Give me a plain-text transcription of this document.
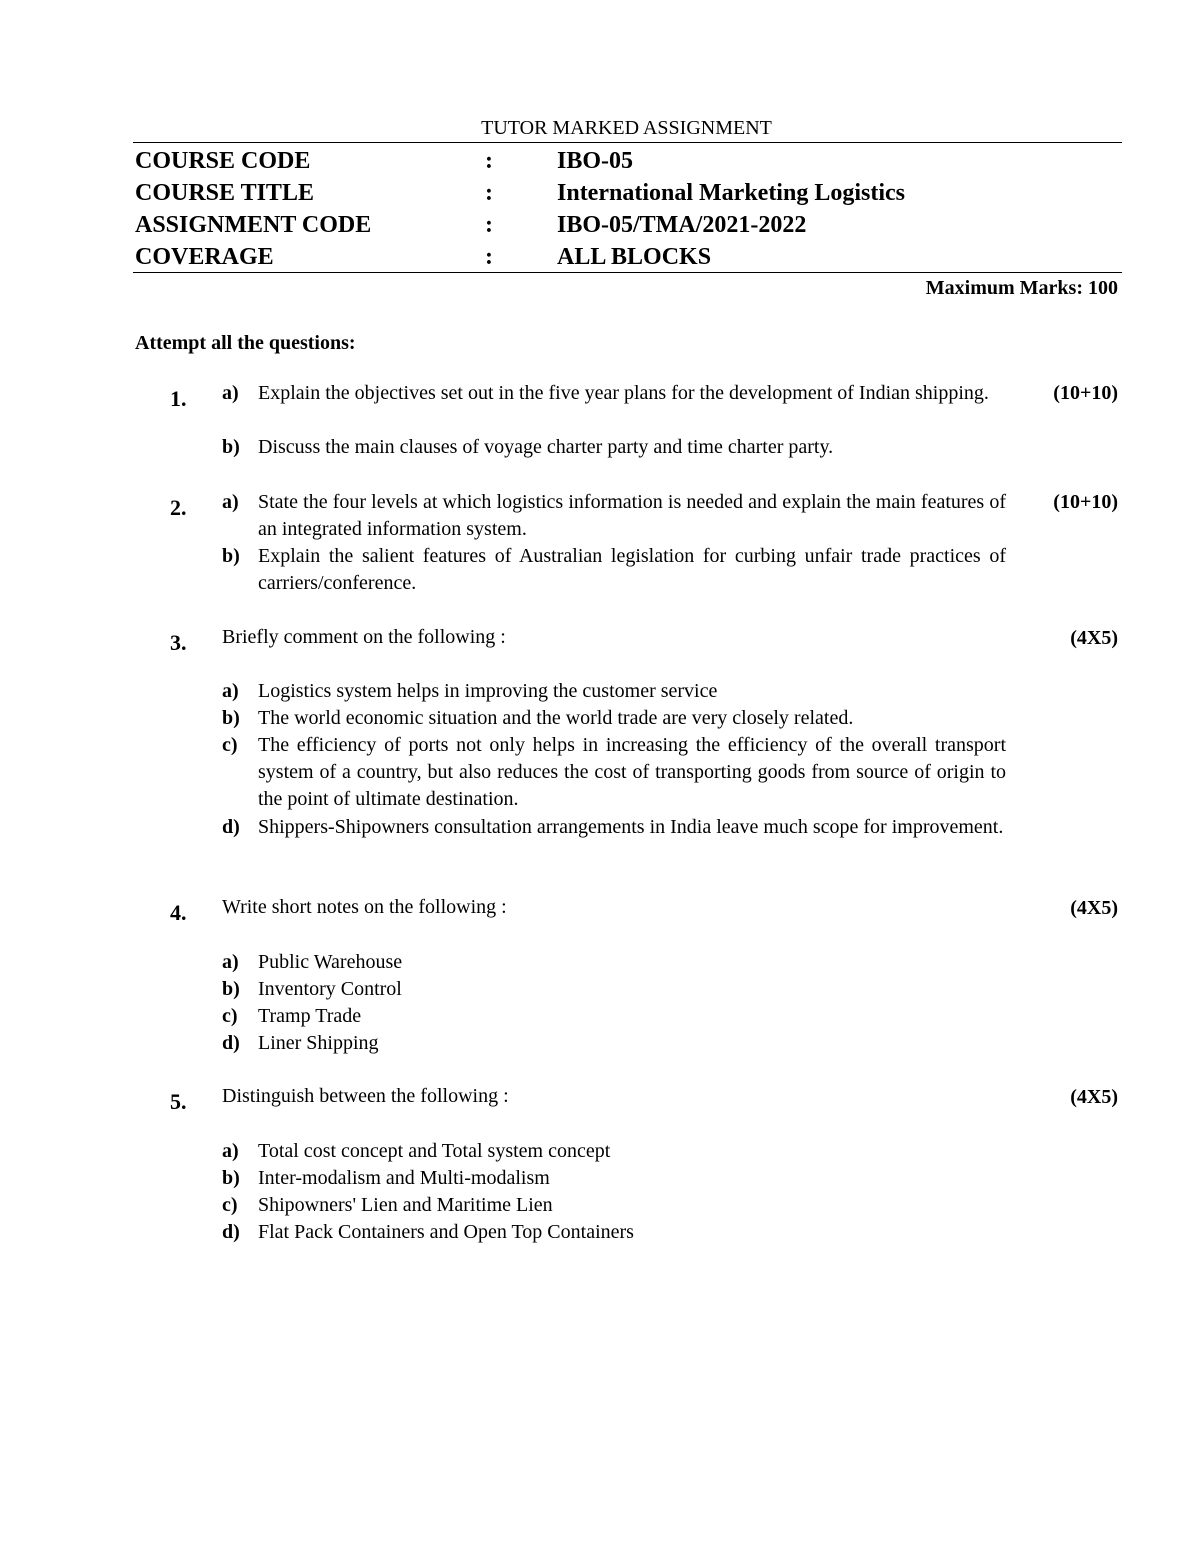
TUTOR MARKED ASSIGNMENT
COURSE CODE	:	IBO-05
COURSE TITLE	:	International Marketing Logistics
ASSIGNMENT CODE	:	IBO-05/TMA/2021-2022
COVERAGE	:	ALL BLOCKS
Maximum Marks: 100
Attempt all the questions:
1.	(10+10)
a) Explain the objectives set out in the five year plans for the development of Indian shipping.
b) Discuss the main clauses of voyage charter party and time charter party.
2.	(10+10)
a) State the four levels at which logistics information is needed and explain the main features of an integrated information system.
b) Explain the salient features of Australian legislation for curbing unfair trade practices of carriers/conference.
3.	(4X5)
Briefly comment on the following :
a) Logistics system helps in improving the customer service
b) The world economic situation and the world trade are very closely related.
c) The efficiency of ports not only helps in increasing the efficiency of the overall transport system of a country, but also reduces the cost of transporting goods from source of origin to the point of ultimate destination.
d) Shippers-Shipowners consultation arrangements in India leave much scope for improvement.
4.	(4X5)
Write short notes on the following :
a) Public Warehouse
b) Inventory Control
c) Tramp Trade
d) Liner Shipping
5.	(4X5)
Distinguish between the following :
a) Total cost concept and Total system concept
b) Inter-modalism and Multi-modalism
c) Shipowners' Lien and Maritime Lien
d) Flat Pack Containers and Open Top Containers
